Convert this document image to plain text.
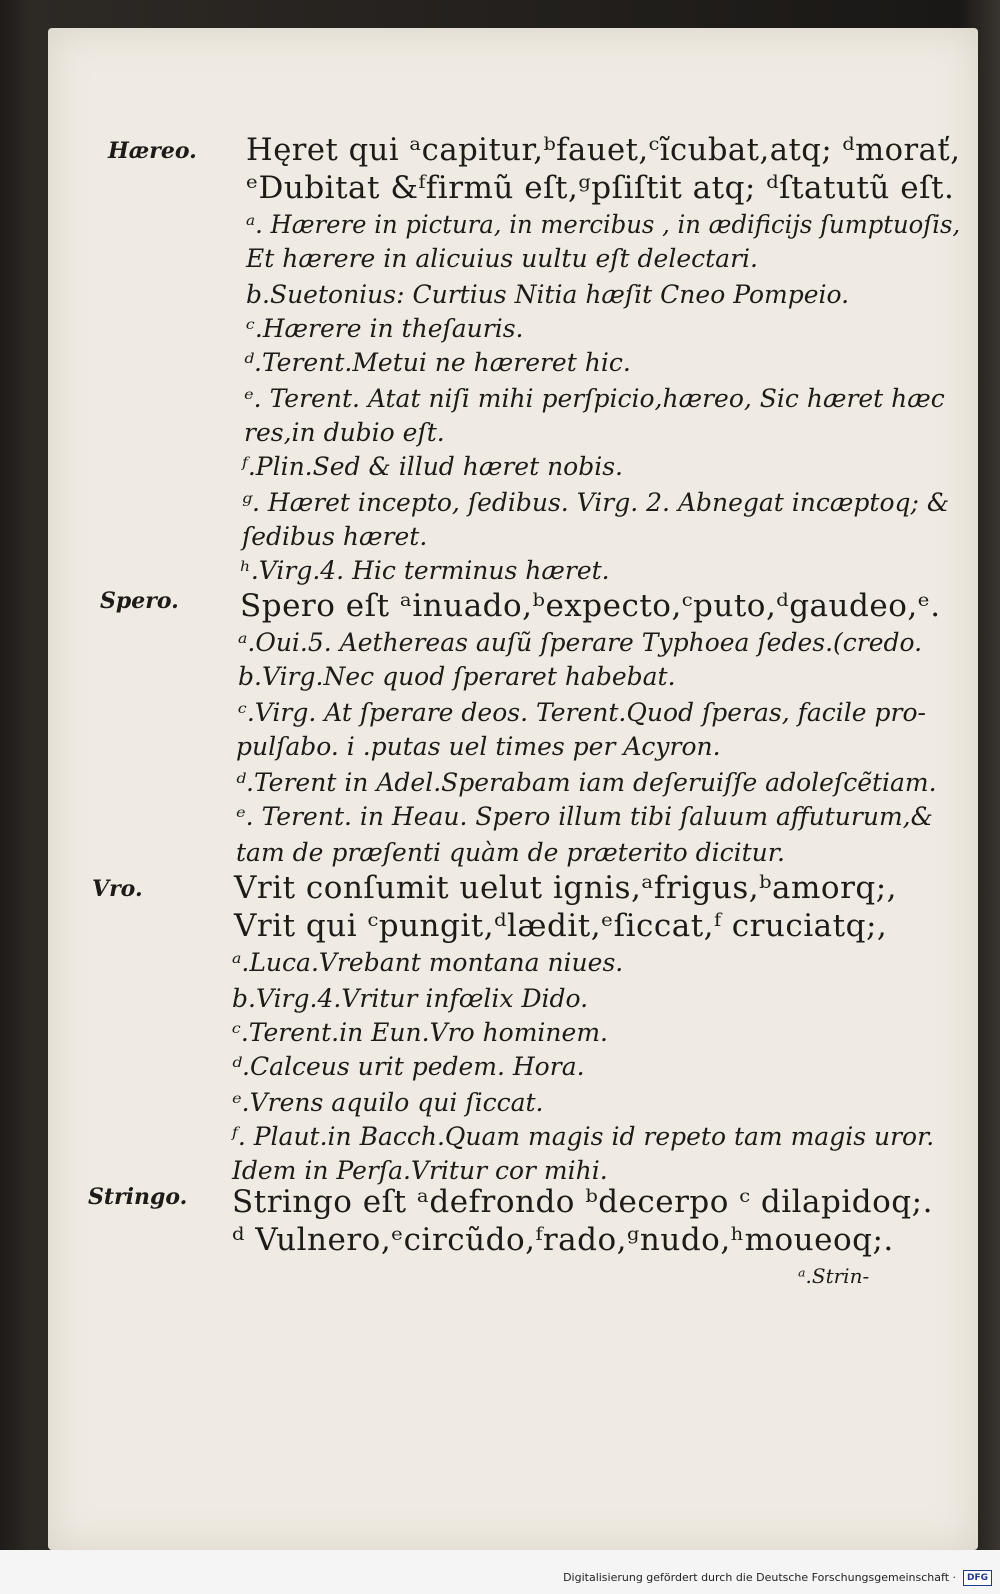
Hæreo.
Spero.
Vro.
Stringo.
Hęret qui ᵃcapitur,ᵇfauet,ᶜĩcubat,atq; ᵈmorať,
ᵉDubitat &ᶠfirmũ eſt,ᵍpſiſtit atq; ᵈſtatutũ eſt.
ᵃ. Hærere in pictura, in mercibus , in ædificijs ſumptuoſis,
Et hærere in alicuius uultu eſt delectari.
b.Suetonius: Curtius Nitia hæſit Cneo Pompeio.
ᶜ.Hærere in theſauris.
ᵈ.Terent.Metui ne hæreret hic.
ᵉ. Terent. Atat niſi mihi perſpicio,hæreo, Sic hæret hæc
res,in dubio eſt.
ᶠ.Plin.Sed & illud hæret nobis.
ᵍ. Hæret incepto, ſedibus. Virg. 2. Abnegat incæptoq; &
ſedibus hæret.
ʰ.Virg.4. Hic terminus hæret.
Spero eſt ᵃinuado,ᵇexpecto,ᶜputo,ᵈgaudeo,ᵉ.
ᵃ.Oui.5. Aethereas auſũ ſperare Typhoea ſedes.(credo.
b.Virg.Nec quod ſperaret habebat.
ᶜ.Virg. At ſperare deos. Terent.Quod ſperas, facile pro-
pulſabo. i .putas uel times per Acyron.
ᵈ.Terent in Adel.Sperabam iam deſeruiſſe adoleſcẽtiam.
ᵉ. Terent. in Heau. Spero illum tibi ſaluum affuturum,&
tam de præſenti quàm de præterito dicitur.
Vrit conſumit uelut ignis,ᵃfrigus,ᵇamorq;,
Vrit qui ᶜpungit,ᵈlædit,ᵉſiccat,ᶠ cruciatq;,
ᵃ.Luca.Vrebant montana niues.
b.Virg.4.Vritur infœlix Dido.
ᶜ.Terent.in Eun.Vro hominem.
ᵈ.Calceus urit pedem. Hora.
ᵉ.Vrens aquilo qui ſiccat.
ᶠ. Plaut.in Bacch.Quam magis id repeto tam magis uror.
Idem in Perſa.Vritur cor mihi.
Stringo eſt ᵃdefrondo ᵇdecerpo ᶜ dilapidoq;.
ᵈ Vulnero,ᵉcircũdo,ᶠrado,ᵍnudo,ʰmoueoq;.
ᵃ.Strin-
Digitalisierung gefördert durch die Deutsche Forschungsgemeinschaft ·	DFG
